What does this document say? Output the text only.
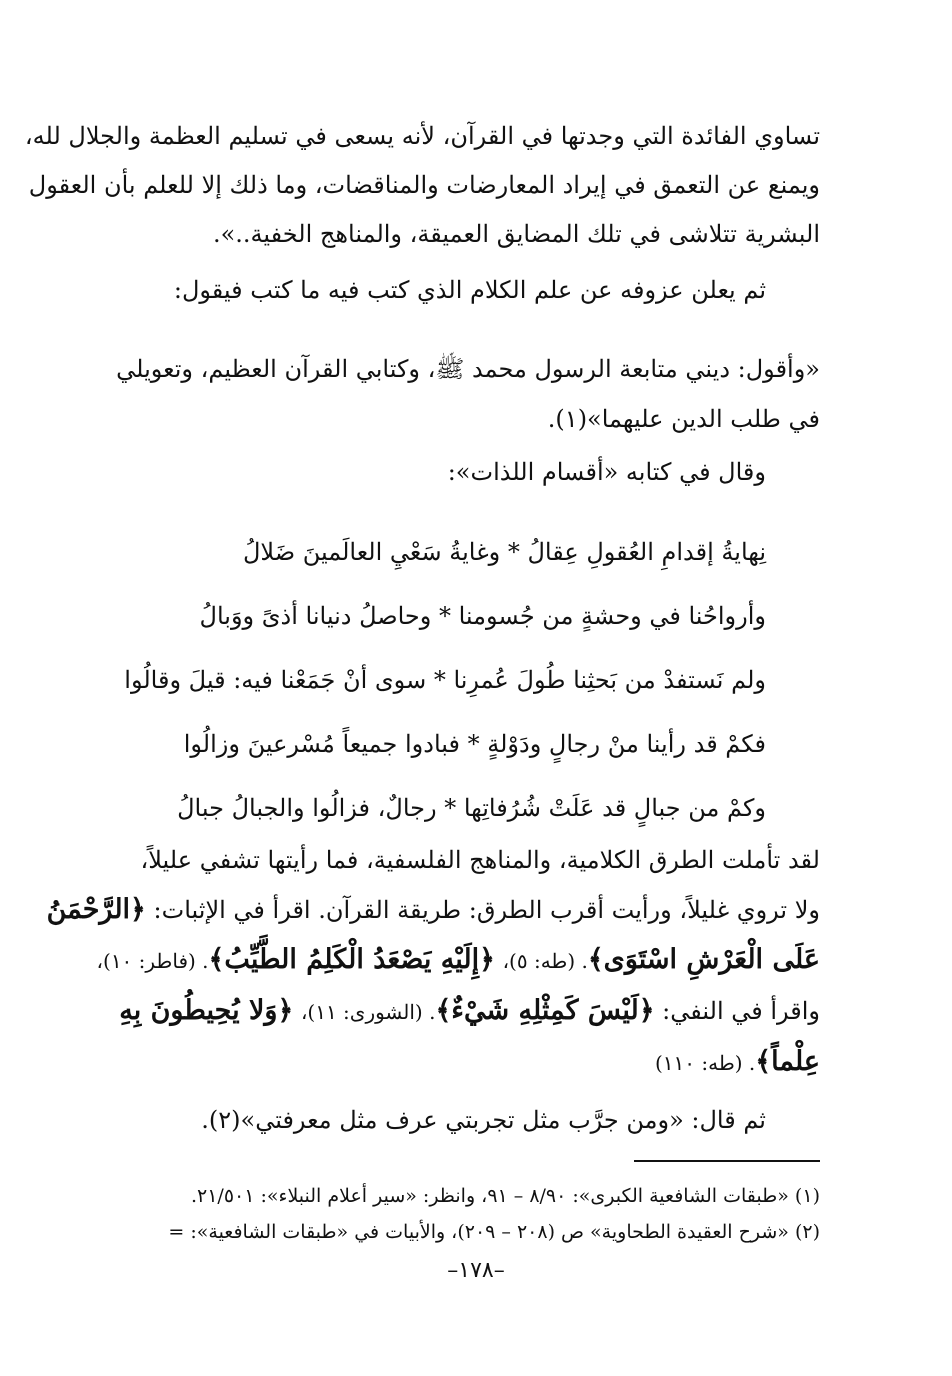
تساوي الفائدة التي وجدتها في القرآن، لأنه يسعى في تسليم العظمة والجلال لله،
ويمنع عن التعمق في إيراد المعارضات والمناقضات، وما ذلك إلا للعلم بأن العقول
البشرية تتلاشى في تلك المضايق العميقة، والمناهج الخفية..».
ثم يعلن عزوفه عن علم الكلام الذي كتب فيه ما كتب فيقول:
«وأقول: ديني متابعة الرسول محمد ﷺ، وكتابي القرآن العظيم، وتعويلي
في طلب الدين عليهما»(١).
وقال في كتابه «أقسام اللذات»:
نِهايةُ إقدامِ العُقولِ عِقالُ * وغايةُ سَعْيِ العالَمينَ ضَلالُ
وأرواحُنا في وحشةٍ من جُسومنا * وحاصلُ دنيانا أذىً ووَبالُ
ولم نَستفدْ من بَحثِنا طُولَ عُمرِنا * سوى أنْ جَمَعْنا فيه: قيلَ وقالُوا
فكمْ قد رأينا منْ رجالٍ ودَوْلةٍ * فبادوا جميعاً مُسْرعينَ وزالُوا
وكمْ من جبالٍ قد عَلَتْ شُرُفاتِها * رجالٌ، فزالُوا والجبالُ جبالُ
لقد تأملت الطرق الكلامية، والمناهج الفلسفية، فما رأيتها تشفي عليلاً،
ولا تروي غليلاً، ورأيت أقرب الطرق: طريقة القرآن. اقرأ في الإثبات: ﴿الرَّحْمَنُ
عَلَى الْعَرْشِ اسْتَوَى﴾. (طه: ٥)، ﴿إِلَيْهِ يَصْعَدُ الْكَلِمُ الطَّيِّبُ﴾. (فاطر: ١٠)،
واقرأ في النفي: ﴿لَيْسَ كَمِثْلِهِ شَيْءٌ﴾. (الشورى: ١١)، ﴿وَلا يُحِيطُونَ بِهِ
عِلْماً﴾. (طه: ١١٠)
ثم قال: «ومن جرَّب مثل تجربتي عرف مثل معرفتي»(٢).
(١) «طبقات الشافعية الكبرى»: ٨/٩٠ – ٩١، وانظر: «سير أعلام النبلاء»: ٢١/٥٠١.
(٢) «شرح العقيدة الطحاوية» ص (٢٠٨ – ٢٠٩)، والأبيات في «طبقات الشافعية»: =
–١٧٨–
